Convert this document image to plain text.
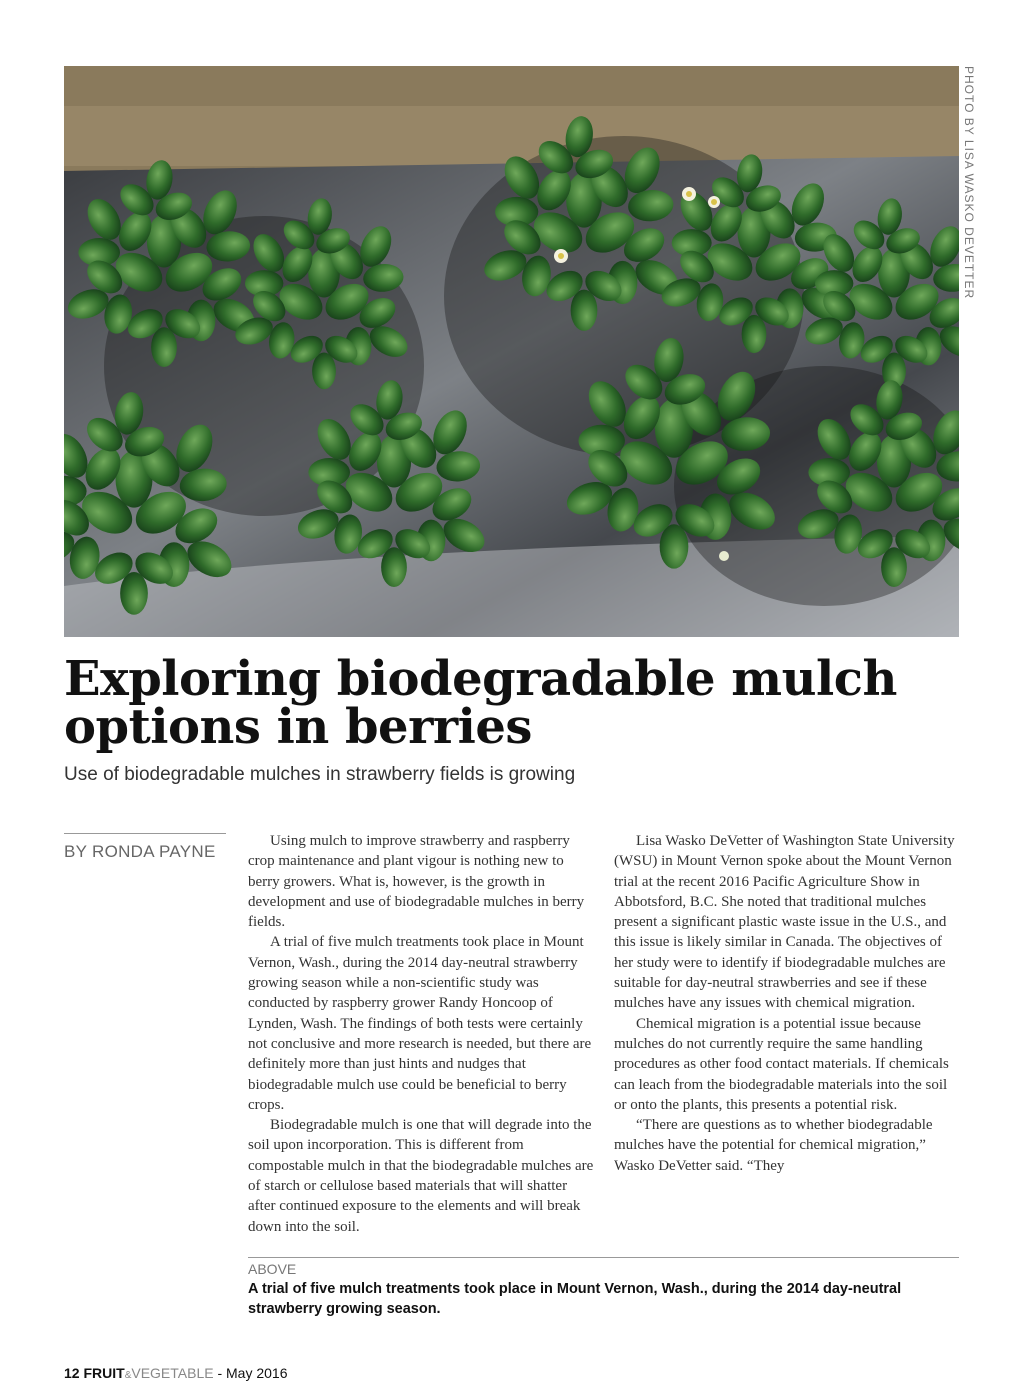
PHOTO BY LISA WASKO DEVETTER
Exploring biodegradable mulch options in berries

Use of biodegradable mulches in strawberry fields is growing

BY RONDA PAYNE

Using mulch to improve strawberry and raspberry crop maintenance and plant vigour is nothing new to berry growers. What is, however, is the growth in development and use of biodegradable mulches in berry fields.

A trial of five mulch treatments took place in Mount Vernon, Wash., during the 2014 day-neutral strawberry growing season while a non-scientific study was conducted by raspberry grower Randy Honcoop of Lynden, Wash. The findings of both tests were certainly not conclusive and more research is needed, but there are definitely more than just hints and nudges that biodegradable mulch use could be beneficial to berry crops.

Biodegradable mulch is one that will degrade into the soil upon incorporation. This is different from compostable mulch in that the biodegradable mulches are of starch or cellulose based materials that will shatter after continued exposure to the elements and will break down into the soil.

Lisa Wasko DeVetter of Washington State University (WSU) in Mount Vernon spoke about the Mount Vernon trial at the recent 2016 Pacific Agriculture Show in Abbotsford, B.C. She noted that traditional mulches present a significant plastic waste issue in the U.S., and this issue is likely similar in Canada. The objectives of her study were to identify if biodegradable mulches are suitable for day-neutral strawberries and see if these mulches have any issues with chemical migration.

Chemical migration is a potential issue because mulches do not currently require the same handling procedures as other food contact materials. If chemicals can leach from the biodegradable materials into the soil or onto the plants, this presents a potential risk.

“There are questions as to whether biodegradable mulches have the potential for chemical migration,” Wasko DeVetter said. “They

ABOVE

A trial of five mulch treatments took place in Mount Vernon, Wash., during the 2014 day-neutral strawberry growing season.

12 FRUIT&VEGETABLE - May 2016
